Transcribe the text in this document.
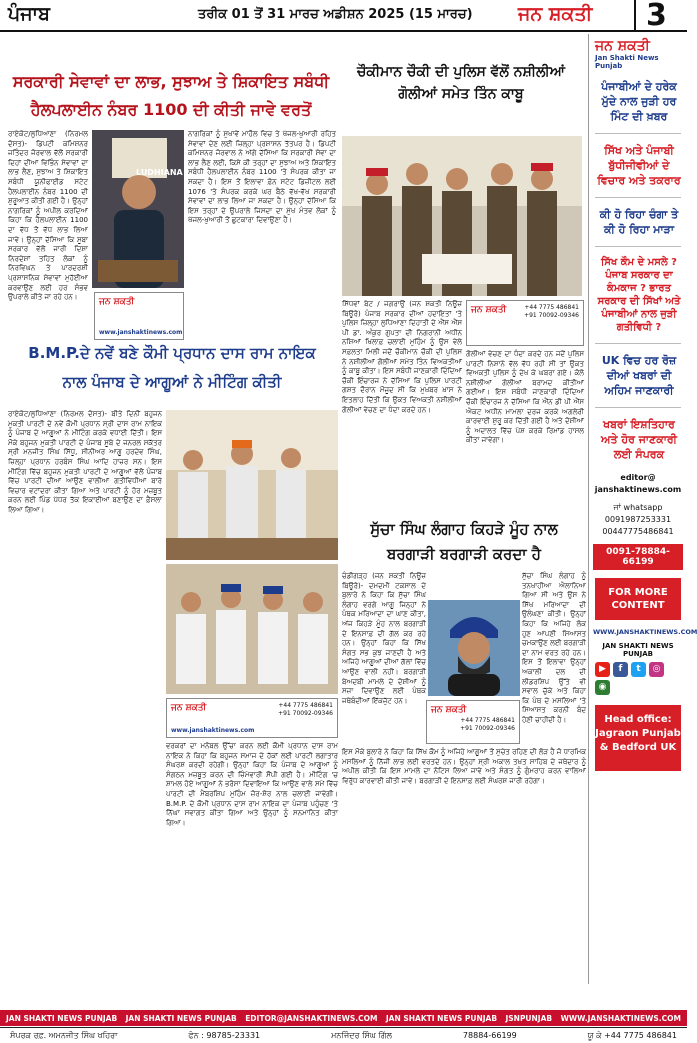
ਪੰਜਾਬ	ਤਰੀਕ 01 ਤੋਂ 31 ਮਾਰਚ ਅਡੀਸ਼ਨ 2025 (15 ਮਾਰਚ) ਜਨ ਸ਼ਕਤੀ	3
ਸਰਕਾਰੀ ਸੇਵਾਵਾਂ ਦਾ ਲਾਭ, ਸੁਝਾਅ ਤੇ ਸ਼ਿਕਾਇਤ ਸਬੰਧੀ
ਹੈਲਪਲਾਈਨ ਨੰਬਰ 1100 ਦੀ ਕੀਤੀ ਜਾਵੇ ਵਰਤੋਂ
ਰਾਏਕੋਟ/ਲੁਧਿਆਣਾ (ਨਿਰਮਲ ਦੋਸਤ)- ਡਿਪਟੀ ਕਮਿਸ਼ਨਰ ਜਤਿੰਦਰ ਜੋਰਵਾਲ ਵੱਲੋਂ ਸਰਕਾਰੀ ਦਿਹਾਂ ਦੀਆਂ ਵਿਭਿੰਨ ਸੇਵਾਵਾਂ ਦਾ ਲਾਭ ਲੈਣ, ਸੁਝਾਅ ਤੇ ਸ਼ਿਕਾਇਤ ਸਬੰਧੀ ਯੂਨੀਫਾਈਡ ਸਟੇਟ ਹੈਲਪਲਾਈਨ ਨੰਬਰ 1100 ਦੀ ਸ਼ੁਰੂਆਤ ਕੀਤੀ ਗਈ ਹੈ। ਉਨ੍ਹਾਂ ਨਾਗਰਿਕਾਂ ਨੂੰ ਅਪੀਲ ਕਰਦਿਆਂ ਕਿਹਾ ਕਿ ਹੈਲਪਲਾਈਨ 1100 ਦਾ ਵੱਧ ਤੋਂ ਵੱਧ ਲਾਭ ਲਿਆ ਜਾਵੇ। ਉਨ੍ਹਾਂ ਦੱਸਿਆ ਕਿ ਸੂਬਾ ਸਰਕਾਰ ਵੱਲੋਂ ਜਾਰੀ ਦਿਸ਼ਾ ਨਿਰਦੇਸ਼ਾਂ ਤਹਿਤ ਲੋਕਾਂ ਨੂੰ ਨਿਰਵਿਘਨ ਤੇ ਪਾਰਦਰਸ਼ੀ ਪ੍ਰਸ਼ਾਸਨਿਕ ਸੇਵਾਵਾਂ ਮੁਹੱਈਆ ਕਰਵਾਉਣ ਲਈ ਹਰ ਸੰਭਵ ਉਪਰਾਲੇ ਕੀਤੇ ਜਾ ਰਹੇ ਹਨ।
LUDHIANA
ਜਨ ਸ਼ਕਤੀ
www.janshaktinews.com
ਨਾਗਰਿਕਾਂ ਨੂੰ ਸੁਖਾਵੇਂ ਮਾਹੌਲ ਵਿਚ ਤੇ ਖੱਜਲ-ਖੁਆਰੀ ਰਹਿਤ ਸੇਵਾਵਾਂ ਦੇਣ ਲਈ ਜ਼ਿਲ੍ਹਾ ਪ੍ਰਸ਼ਾਸਨ ਤੱਤਪਰ ਹੈ। ਡਿਪਟੀ ਕਮਿਸ਼ਨਰ ਜੋਰਵਾਲ ਨੇ ਅੱਗੇ ਦੱਸਿਆ ਕਿ ਸਰਕਾਰੀ ਸੇਵਾ ਦਾ ਲਾਭ ਲੈਣ ਲਈ, ਕਿਸੇ ਕੀ ਤਰ੍ਹਾਂ ਦਾ ਸੁਝਾਅ ਅਤੇ ਸ਼ਿਕਾਇਤ ਸਬੰਧੀ ਹੈਲਪਲਾਈਨ ਨੰਬਰ 1100 'ਤੇ ਸੰਪਰਕ ਕੀਤਾ ਜਾ ਸਕਦਾ ਹੈ। ਇਸ ਤੋਂ ਇਲਾਵਾ ਫ਼ੋਨ ਸਟੇਟ ਡਿਜ਼ੀਟਲ ਲਈ 1076 'ਤੇ ਸੰਪਰਕ ਕਰਕੇ ਘਰ ਬੈਠੇ ਵੱਖ-ਵੱਖ ਸਰਕਾਰੀ ਸੇਵਾਵਾਂ ਦਾ ਲਾਭ ਲਿਆ ਜਾ ਸਕਦਾ ਹੈ। ਉਨ੍ਹਾਂ ਦੱਸਿਆ ਕਿ ਇਸ ਤਰ੍ਹਾਂ ਦੇ ਉਪਰਾਲੇ ਜਿਸਦਾ ਦਾ ਮੁੱਖ ਮੰਤਵ ਲੋਕਾਂ ਨੂੰ ਖੱਜਲ-ਖੁਆਰੀ ਤੋਂ ਛੁਟਕਾਰਾ ਦਿਵਾਉਣਾ ਹੈ।
ਚੌਕੀਮਾਨ ਚੌਕੀ ਦੀ ਪੁਲਿਸ ਵੱਲੋਂ ਨਸ਼ੀਲੀਆਂ
ਗੋਲੀਆਂ ਸਮੇਤ ਤਿੰਨ ਕਾਬੂ
ਸਿੱਧਵਾਂ ਬੇਟ / ਜਗਰਾਉਂ (ਜਨ ਸ਼ਕਤੀ ਨਿਊਜ਼ ਬਿਊਰੋ) ਪੰਜਾਬ ਸਰਕਾਰ ਦੀਆਂ ਹਦਾਇਤਾਂ 'ਤੇ ਪੁਲਿਸ ਜ਼ਿਲ੍ਹਾ ਲੁਧਿਆਣਾ ਦਿਹਾਤੀ ਦੇ ਐੱਸ ਐੱਸ ਪੀ ਡਾ. ਅੰਕੁਰ ਗੁਪਤਾ ਦੀ ਨਿਗਰਾਨੀ ਅਧੀਨ ਨਸ਼ਿਆਂ ਖਿਲਾਫ਼ ਚਲਾਈ ਮੁਹਿੰਮ ਨੂੰ ਉਸ ਵੇਲੇ ਸਫ਼ਲਤਾ ਮਿਲੀ ਜਦੋਂ ਚੌਕੀਮਾਨ ਚੌਕੀ ਦੀ ਪੁਲਿਸ ਨੇ ਨਸ਼ੀਲੀਆਂ ਗੋਲੀਆਂ ਸਮੇਤ ਤਿੰਨ ਵਿਅਕਤੀਆਂ ਨੂੰ ਕਾਬੂ ਕੀਤਾ। ਇਸ ਸਬੰਧੀ ਜਾਣਕਾਰੀ ਦਿੰਦਿਆਂ ਚੌਕੀ ਇੰਚਾਰਜ ਨੇ ਦੱਸਿਆ ਕਿ ਪੁਲਿਸ ਪਾਰਟੀ ਗਸ਼ਤ ਦੌਰਾਨ ਮੌਜੂਦ ਸੀ ਕਿ ਮੁਖ਼ਬਰ ਖ਼ਾਸ ਨੇ ਇਤਲਾਹ ਦਿੱਤੀ ਕਿ ਉਕਤ ਵਿਅਕਤੀ ਨਸ਼ੀਲੀਆਂ ਗੋਲੀਆਂ ਵੇਚਣ ਦਾ ਧੰਦਾ ਕਰਦੇ ਹਨ।
ਜਨ ਸ਼ਕਤੀ	+44 7775 486841
+91 70092-09346
ਗੋਲੀਆਂ ਵੇਚਣ ਦਾ ਧੰਦਾ ਕਰਦੇ ਹਨ ਜਦੋਂ ਪੁਲਿਸ ਪਾਰਟੀ ਨਿਸ਼ਾਨੇ ਵੱਲ ਵੱਧ ਰਹੀ ਸੀ ਤਾਂ ਉਕਤ ਵਿਅਕਤੀ ਪੁਲਿਸ ਨੂੰ ਦੇਖ ਕੇ ਘਬਰਾ ਗਏ। ਕੋਲੋ ਨਸ਼ੀਲੀਆਂ ਗੋਲੀਆਂ ਬਰਾਮਦ ਕੀਤੀਆਂ ਗਈਆਂ। ਇਸ ਸਬੰਧੀ ਜਾਣਕਾਰੀ ਦਿੰਦਿਆਂ ਚੌਕੀ ਇੰਚਾਰਜ ਨੇ ਦੱਸਿਆ ਕਿ ਐੱਨ ਡੀ ਪੀ ਐੱਸ ਐਕਟ ਅਧੀਨ ਮਾਮਲਾ ਦਰਜ ਕਰਕੇ ਅਗਲੇਰੀ ਕਾਰਵਾਈ ਸ਼ੁਰੂ ਕਰ ਦਿੱਤੀ ਗਈ ਹੈ ਅਤੇ ਦੋਸ਼ੀਆਂ ਨੂੰ ਅਦਾਲਤ ਵਿੱਚ ਪੇਸ਼ ਕਰਕੇ ਰਿਮਾਂਡ ਹਾਸਲ ਕੀਤਾ ਜਾਵੇਗਾ।
B.M.P.ਦੇ ਨਵੇਂ ਬਣੇ ਕੌਮੀ ਪ੍ਰਧਾਨ ਦਾਸ ਰਾਮ ਨਾਇਕ
ਨਾਲ ਪੰਜਾਬ ਦੇ ਆਗੂਆਂ ਨੇ ਮੀਟਿੰਗ ਕੀਤੀ
ਰਾਏਕੋਟ/ਲੁਧਿਆਣਾ (ਨਿਰਮਲ ਦੋਸਤ)- ਬੀਤੇ ਦਿਨੀਂ ਬਹੁਜਨ ਮੁਕਤੀ ਪਾਰਟੀ ਦੇ ਨਵੇਂ ਕੌਮੀ ਪ੍ਰਧਾਨ ਸ੍ਰੀ ਦਾਸ ਰਾਮ ਨਾਇਕ ਨੂੰ ਪੰਜਾਬ ਦੇ ਆਗੂਆਂ ਨੇ ਮੀਟਿੰਗ ਕਰਕੇ ਵਧਾਈ ਦਿੱਤੀ। ਇਸ ਮੌਕੇ ਬਹੁਜਨ ਮੁਕਤੀ ਪਾਰਟੀ ਦੇ ਪੰਜਾਬ ਸੂਬੇ ਦੇ ਜਨਰਲ ਸਕੱਤਰ ਸ੍ਰੀ ਮਨਜੀਤ ਸਿੰਘ ਸਿੱਧੂ, ਸੀਨੀਅਰ ਆਗੂ ਹਰਦੇਵ ਸਿੰਘ, ਜ਼ਿਲ੍ਹਾ ਪ੍ਰਧਾਨ ਹਰਬੰਸ ਸਿੰਘ ਆਦਿ ਹਾਜ਼ਰ ਸਨ। ਇਸ ਮੀਟਿੰਗ ਵਿੱਚ ਬਹੁਜਨ ਮੁਕਤੀ ਪਾਰਟੀ ਦੇ ਆਗੂਆਂ ਵੱਲੋਂ ਪੰਜਾਬ ਵਿੱਚ ਪਾਰਟੀ ਦੀਆਂ ਆਉਣ ਵਾਲੀਆਂ ਗਤੀਵਿਧੀਆਂ ਬਾਰੇ ਵਿਚਾਰ ਵਟਾਂਦਰਾ ਕੀਤਾ ਗਿਆ ਅਤੇ ਪਾਰਟੀ ਨੂੰ ਹੋਰ ਮਜ਼ਬੂਤ ਕਰਨ ਲਈ ਪਿੰਡ ਪੱਧਰ ਤੱਕ ਇਕਾਈਆਂ ਬਣਾਉਣ ਦਾ ਫ਼ੈਸਲਾ ਲਿਆ ਗਿਆ।
ਜਨ ਸ਼ਕਤੀ	+44 7775 486841
+91 70092-09346
www.janshaktinews.com
ਵਰਕਰਾਂ ਦਾ ਮਨੋਬਲ ਉੱਚਾ ਕਰਨ ਲਈ ਕੌਮੀ ਪ੍ਰਧਾਨ ਦਾਸ ਰਾਮ ਨਾਇਕ ਨੇ ਕਿਹਾ ਕਿ ਬਹੁਜਨ ਸਮਾਜ ਦੇ ਹੱਕਾਂ ਲਈ ਪਾਰਟੀ ਲਗਾਤਾਰ ਸੰਘਰਸ਼ ਕਰਦੀ ਰਹੇਗੀ। ਉਨ੍ਹਾਂ ਕਿਹਾ ਕਿ ਪੰਜਾਬ ਦੇ ਆਗੂਆਂ ਨੂੰ ਸੰਗਠਨ ਮਜ਼ਬੂਤ ਕਰਨ ਦੀ ਜ਼ਿੰਮੇਵਾਰੀ ਸੌਂਪੀ ਗਈ ਹੈ। ਮੀਟਿੰਗ 'ਚ ਸ਼ਾਮਲ ਹੋਏ ਆਗੂਆਂ ਨੇ ਭਰੋਸਾ ਦਿਵਾਇਆ ਕਿ ਆਉਣ ਵਾਲੇ ਸਮੇਂ ਵਿੱਚ ਪਾਰਟੀ ਦੀ ਮੈਂਬਰਸ਼ਿਪ ਮੁਹਿੰਮ ਜ਼ੋਰ-ਸ਼ੋਰ ਨਾਲ ਚਲਾਈ ਜਾਵੇਗੀ। B.M.P. ਦੇ ਕੌਮੀ ਪ੍ਰਧਾਨ ਦਾਸ ਰਾਮ ਨਾਇਕ ਦਾ ਪੰਜਾਬ ਪਹੁੰਚਣ 'ਤੇ ਨਿੱਘਾ ਸਵਾਗਤ ਕੀਤਾ ਗਿਆ ਅਤੇ ਉਨ੍ਹਾਂ ਨੂੰ ਸਨਮਾਨਿਤ ਕੀਤਾ ਗਿਆ।
ਸੁੱਚਾ ਸਿੰਘ ਲੰਗਾਹ ਕਿਹੜੇ ਮੂੰਹ ਨਾਲ
ਬਰਗਾੜੀ ਬਰਗਾੜੀ ਕਰਦਾ ਹੈ
ਚੰਡੀਗੜ੍ਹ (ਜਨ ਸ਼ਕਤੀ ਨਿਊਜ਼ ਬਿਊਰੋ)- ਦਮਦਮੀ ਟਕਸਾਲ ਦੇ ਬੁਲਾਰੇ ਨੇ ਕਿਹਾ ਕਿ ਸੁੱਚਾ ਸਿੰਘ ਲੰਗਾਹ ਵਰਗੇ ਆਗੂ ਜਿਨ੍ਹਾਂ ਨੇ ਪੰਥਕ ਮਰਿਆਦਾ ਦਾ ਘਾਣ ਕੀਤਾ, ਅੱਜ ਕਿਹੜੇ ਮੂੰਹ ਨਾਲ ਬਰਗਾੜੀ ਦੇ ਇਨਸਾਫ਼ ਦੀ ਗੱਲ ਕਰ ਰਹੇ ਹਨ। ਉਨ੍ਹਾਂ ਕਿਹਾ ਕਿ ਸਿੱਖ ਸੰਗਤ ਸਭ ਕੁਝ ਜਾਣਦੀ ਹੈ ਅਤੇ ਅਜਿਹੇ ਆਗੂਆਂ ਦੀਆਂ ਗੱਲਾਂ ਵਿੱਚ ਆਉਣ ਵਾਲੀ ਨਹੀਂ। ਬਰਗਾੜੀ ਬੇਅਦਬੀ ਮਾਮਲੇ ਦੇ ਦੋਸ਼ੀਆਂ ਨੂੰ ਸਜ਼ਾ ਦਿਵਾਉਣ ਲਈ ਪੰਥਕ ਜਥੇਬੰਦੀਆਂ ਇੱਕਜੁੱਟ ਹਨ।
ਸੁੱਚਾ ਸਿੰਘ ਲੰਗਾਹ ਨੂੰ ਤਨਖਾਹੀਆ ਐਲਾਨਿਆ ਗਿਆ ਸੀ ਅਤੇ ਉਸ ਨੇ ਸਿੱਖ ਮਰਿਆਦਾ ਦੀ ਉਲੰਘਣਾ ਕੀਤੀ। ਉਨ੍ਹਾਂ ਕਿਹਾ ਕਿ ਅਜਿਹੇ ਲੋਕ ਹੁਣ ਆਪਣੀ ਸਿਆਸਤ ਚਮਕਾਉਣ ਲਈ ਬਰਗਾੜੀ ਦਾ ਨਾਮ ਵਰਤ ਰਹੇ ਹਨ। ਇਸ ਤੋਂ ਇਲਾਵਾ ਉਨ੍ਹਾਂ ਅਕਾਲੀ ਦਲ ਦੀ ਲੀਡਰਸ਼ਿਪ ਉੱਤੇ ਵੀ ਸਵਾਲ ਚੁੱਕੇ ਅਤੇ ਕਿਹਾ ਕਿ ਪੰਥ ਦੇ ਮਸਲਿਆਂ 'ਤੇ ਸਿਆਸਤ ਕਰਨੀ ਬੰਦ ਹੋਣੀ ਚਾਹੀਦੀ ਹੈ।
ਜਨ ਸ਼ਕਤੀ
+44 7775 486841
+91 70092-09346
ਇਸ ਮੌਕੇ ਬੁਲਾਰੇ ਨੇ ਕਿਹਾ ਕਿ ਸਿੱਖ ਕੌਮ ਨੂੰ ਅਜਿਹੇ ਆਗੂਆਂ ਤੋਂ ਸੁਚੇਤ ਰਹਿਣ ਦੀ ਲੋੜ ਹੈ ਜੋ ਧਾਰਮਿਕ ਮਸਲਿਆਂ ਨੂੰ ਨਿੱਜੀ ਲਾਭ ਲਈ ਵਰਤਦੇ ਹਨ। ਉਨ੍ਹਾਂ ਸ੍ਰੀ ਅਕਾਲ ਤਖ਼ਤ ਸਾਹਿਬ ਦੇ ਜਥੇਦਾਰ ਨੂੰ ਅਪੀਲ ਕੀਤੀ ਕਿ ਇਸ ਮਾਮਲੇ ਦਾ ਨੋਟਿਸ ਲਿਆ ਜਾਵੇ ਅਤੇ ਸੰਗਤ ਨੂੰ ਗੁੰਮਰਾਹ ਕਰਨ ਵਾਲਿਆਂ ਵਿਰੁੱਧ ਕਾਰਵਾਈ ਕੀਤੀ ਜਾਵੇ। ਬਰਗਾੜੀ ਦੇ ਇਨਸਾਫ਼ ਲਈ ਸੰਘਰਸ਼ ਜਾਰੀ ਰਹੇਗਾ।
ਜਨ ਸ਼ਕਤੀ
Jan Shakti News Punjab
ਪੰਜਾਬੀਆਂ ਦੇ ਹਰੇਕ ਮੁੱਦੇ ਨਾਲ ਜੁੜੀ ਹਰ ਮਿੰਟ ਦੀ ਖ਼ਬਰ
ਸਿੱਖ ਅਤੇ ਪੰਜਾਬੀ ਬੁੱਧੀਜੀਵੀਆਂ ਦੇ ਵਿਚਾਰ ਅਤੇ ਤਕਰਾਰ
ਕੀ ਹੋ ਰਿਹਾ ਚੰਗਾ ਤੇ ਕੀ ਹੋ ਰਿਹਾ ਮਾੜਾ
ਸਿੱਖ ਕੌਮ ਦੇ ਮਸਲੇ ? ਪੰਜਾਬ ਸਰਕਾਰ ਦਾ ਕੰਮਕਾਜ ? ਭਾਰਤ ਸਰਕਾਰ ਦੀ ਸਿੱਖਾਂ ਅਤੇ ਪੰਜਾਬੀਆਂ ਨਾਲ ਜੁੜੀ ਗਤੀਵਿਧੀ ?
UK ਵਿਚ ਹਰ ਰੋਜ਼ ਦੀਆਂ ਖਬਰਾਂ ਦੀ ਅਹਿਮ ਜਾਣਕਾਰੀ
ਖਬਰਾਂ ਇਸ਼ਤਿਹਾਰ ਅਤੇ ਹੋਰ ਜਾਣਕਾਰੀ ਲਈ ਸੰਪਰਕ
editor@
janshaktinews.com
ਜਾਂ whatsapp
0091987253331
00447775486841
0091-78884-66199
FOR MORE CONTENT
WWW.JANSHAKTINEWS.COM
JAN SHAKTI NEWS PUNJAB
▶	f	t	◎
◉
Head office:
Jagraon Punjab & Bedford UK
JAN SHAKTI NEWS PUNJAB JAN SHAKTI NEWS PUNJAB EDITOR@JANSHAKTINEWS.COM JAN SHAKTI NEWS PUNJAB JSNPUNJAB WWW.JANSHAKTINEWS.COM
ਸੰਪਰਕ ਰਫ਼. ਅਮਨਜੀਤ ਸਿੰਘ ਖਹਿਰਾ	ਫੋਨ : 98785-23331	ਮਨਜਿੰਦਰ ਸਿੰਘ ਗਿੱਲ	78884-66199	ਯੂ ਕੇ +44 7775 486841
